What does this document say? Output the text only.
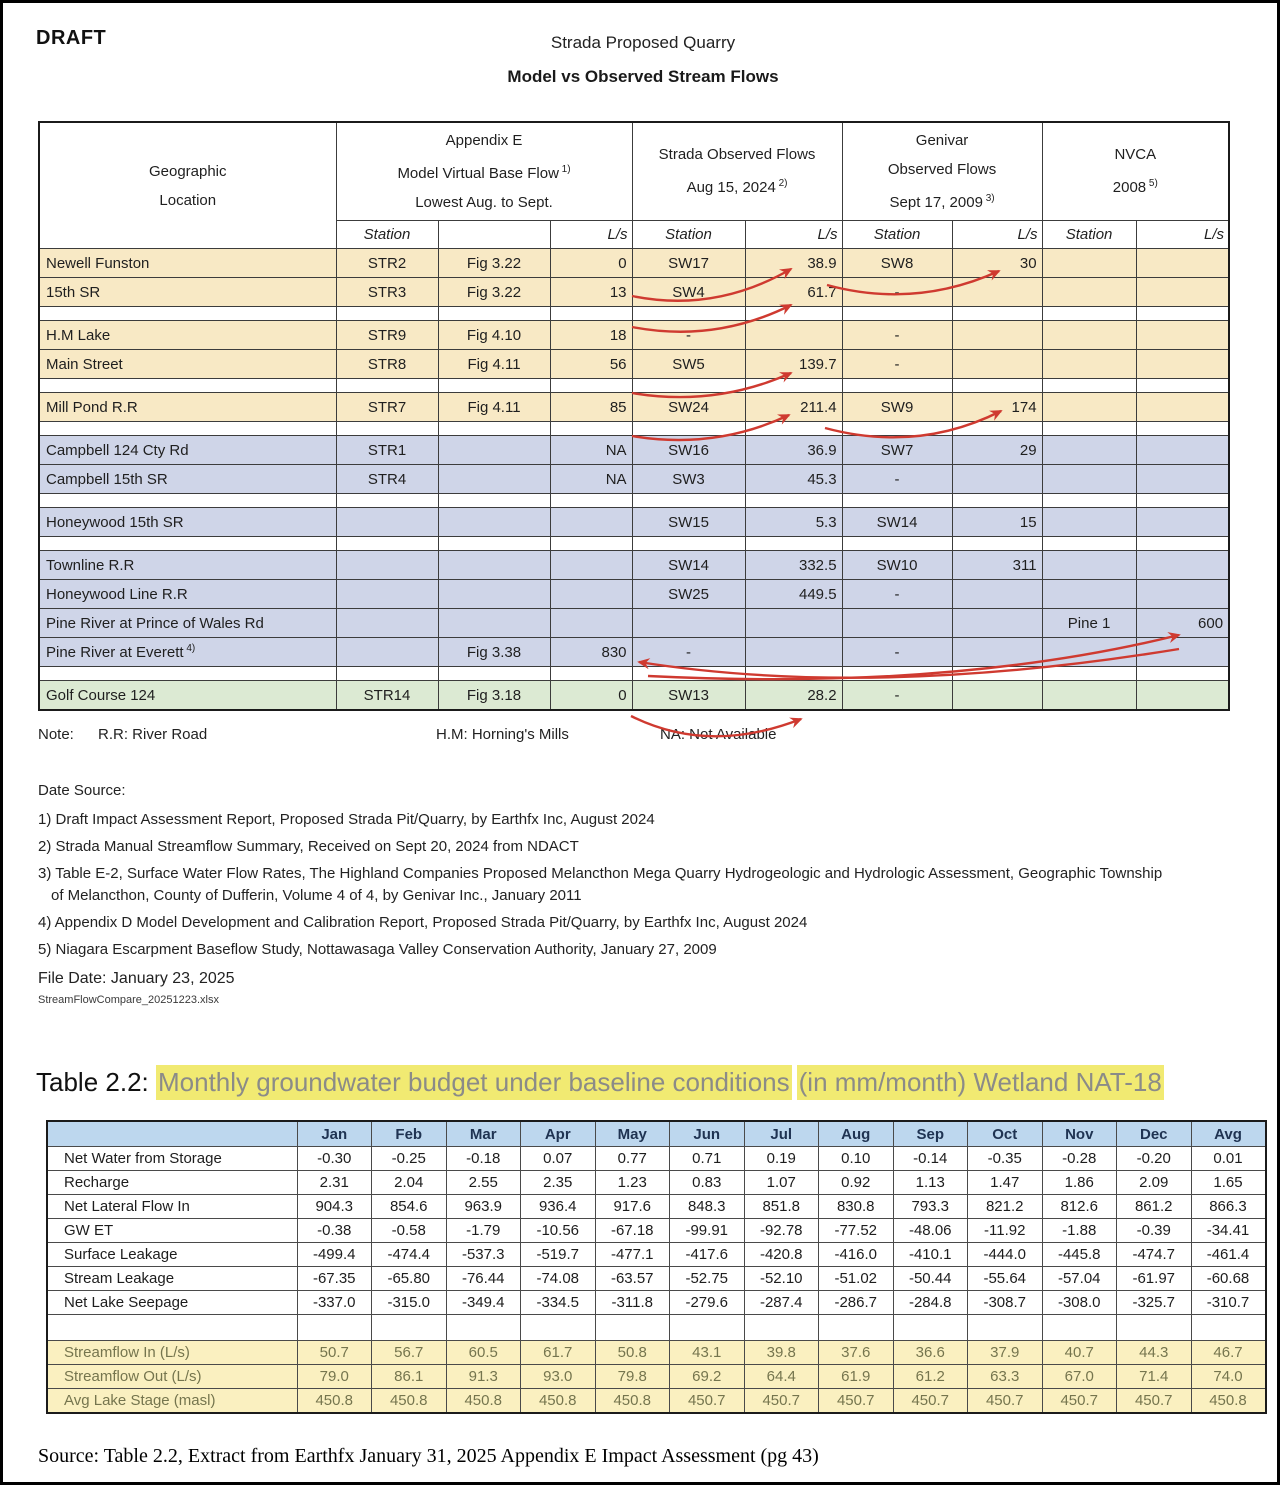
DRAFT	Strada Proposed Quarry
Model vs Observed Stream Flows
Geographic
Location

Appendix E
Model Virtual Base Flow $^{1)}$
Lowest Aug. to Sept.

Strada Observed Flows
Aug 15, 2024 $^{2)}$

Genivar
Observed Flows
Sept 17, 2009 $^{3)}$

NVCA
2008 $^{5)}$

	Station		L/s	Station	L/s	Station	L/s	Station	L/s
Newell Funston	STR2	Fig 3.22	0	SW17	38.9	SW8	30		
15th SR	STR3	Fig 3.22	13	SW4	61.7	-			

H.M Lake	STR9	Fig 4.10	18	-		-			
Main Street	STR8	Fig 4.11	56	SW5	139.7	-			

Mill Pond R.R	STR7	Fig 4.11	85	SW24	211.4	SW9	174		

Campbell 124 Cty Rd	STR1		NA	SW16	36.9	SW7	29		
Campbell 15th SR	STR4		NA	SW3	45.3	-			

Honeywood 15th SR				SW15	5.3	SW14	15		

Townline R.R				SW14	332.5	SW10	311		
Honeywood Line R.R				SW25	449.5	-			
Pine River at Prince of Wales Rd								Pine 1	600
Pine River at Everett $^{4)}$		Fig 3.38	830	-		-			

Golf Course 124	STR14	Fig 3.18	0	SW13	28.2	-			
Note: R.R: River Road	H.M: Horning's Mills	NA: Not Available
Date Source:
1) Draft Impact Assessment Report, Proposed Strada Pit/Quarry, by Earthfx Inc, August 2024
2) Strada Manual Streamflow Summary, Received on Sept 20, 2024 from NDACT
3) Table E-2, Surface Water Flow Rates, The Highland Companies Proposed Melancthon Mega Quarry Hydrogeologic and Hydrologic Assessment, Geographic Township
of Melancthon, County of Dufferin, Volume 4 of 4, by Genivar Inc., January 2011
4) Appendix D Model Development and Calibration Report, Proposed Strada Pit/Quarry, by Earthfx Inc, August 2024
5) Niagara Escarpment Baseflow Study, Nottawasaga Valley Conservation Authority, January 27, 2009
File Date: January 23, 2025
StreamFlowCompare_20251223.xlsx
Table 2.2: Monthly groundwater budget under baseline conditions (in mm/month) Wetland NAT-18
	Jan	Feb	Mar	Apr	May	Jun	Jul	Aug	Sep	Oct	Nov	Dec	Avg
Net Water from Storage	-0.30	-0.25	-0.18	0.07	0.77	0.71	0.19	0.10	-0.14	-0.35	-0.28	-0.20	0.01
Recharge	2.31	2.04	2.55	2.35	1.23	0.83	1.07	0.92	1.13	1.47	1.86	2.09	1.65
Net Lateral Flow In	904.3	854.6	963.9	936.4	917.6	848.3	851.8	830.8	793.3	821.2	812.6	861.2	866.3
GW ET	-0.38	-0.58	-1.79	-10.56	-67.18	-99.91	-92.78	-77.52	-48.06	-11.92	-1.88	-0.39	-34.41
Surface Leakage	-499.4	-474.4	-537.3	-519.7	-477.1	-417.6	-420.8	-416.0	-410.1	-444.0	-445.8	-474.7	-461.4
Stream Leakage	-67.35	-65.80	-76.44	-74.08	-63.57	-52.75	-52.10	-51.02	-50.44	-55.64	-57.04	-61.97	-60.68
Net Lake Seepage	-337.0	-315.0	-349.4	-334.5	-311.8	-279.6	-287.4	-286.7	-284.8	-308.7	-308.0	-325.7	-310.7

Streamflow In (L/s)	50.7	56.7	60.5	61.7	50.8	43.1	39.8	37.6	36.6	37.9	40.7	44.3	46.7
Streamflow Out (L/s)	79.0	86.1	91.3	93.0	79.8	69.2	64.4	61.9	61.2	63.3	67.0	71.4	74.0
Avg Lake Stage (masl)	450.8	450.8	450.8	450.8	450.8	450.7	450.7	450.7	450.7	450.7	450.7	450.7	450.8
Source: Table 2.2, Extract from Earthfx January 31, 2025 Appendix E Impact Assessment (pg 43)
